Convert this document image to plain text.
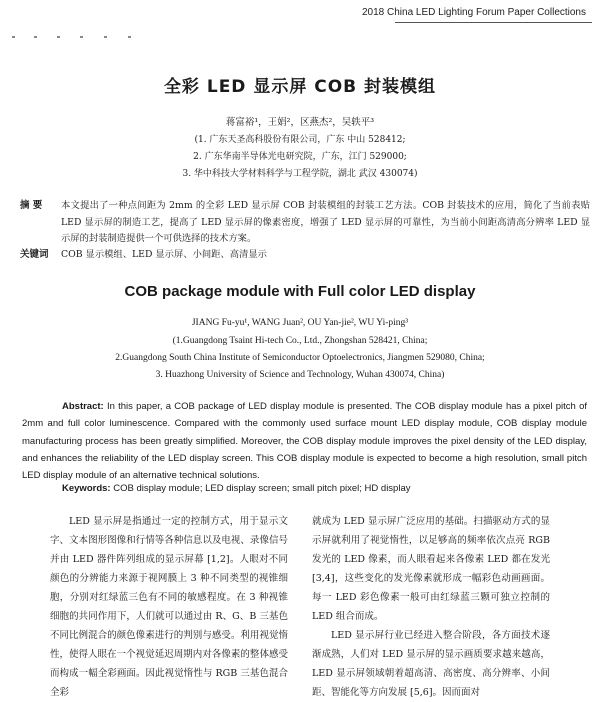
2018 China LED Lighting Forum Paper Collections
全彩 LED 显示屏 COB 封装模组
蒋富裕¹，王娟²，区燕杰²，吴轶平³
(1. 广东天圣高科股份有限公司，广东 中山 528412;
2. 广东华南半导体光电研究院，广东，江门 529000;
3. 华中科技大学材料科学与工程学院，湖北 武汉 430074)
摘 要 本文提出了一种点间距为 2mm 的全彩 LED 显示屏 COB 封装模组的封装工艺方法。COB 封装技术的应用，简化了当前表贴 LED 显示屏的制造工艺，提高了 LED 显示屏的像素密度，增强了 LED 显示屏的可靠性，为当前小间距高清高分辨率 LED 显示屏的封装制造提供一个可供选择的技术方案。
关键词 COB 显示模组、LED 显示屏、小间距、高清显示
COB package module with Full color LED display
JIANG Fu-yu¹, WANG Juan², OU Yan-jie², WU Yi-ping³
(1.Guangdong Tsaint Hi-tech Co., Ltd., Zhongshan 528421, China;
2.Guangdong South China Institute of Semiconductor Optoelectronics, Jiangmen 529080, China;
3. Huazhong University of Science and Technology, Wuhan 430074, China)
Abstract: In this paper, a COB package of LED display module is presented. The COB display module has a pixel pitch of 2mm and full color luminescence. Compared with the commonly used surface mount LED display module, COB display module manufacturing process has been greatly simplified. Moreover, the COB display module improves the pixel density of the LED display, and enhances the reliability of the LED display screen. This COB display module is expected to become a high resolution, small pitch LED display module of an alternative technical solutions.
Keywords: COB display module; LED display screen; small pitch pixel; HD display

LED 显示屏是指通过一定的控制方式，用于显示文字、文本图形图像和行情等各种信息以及电视、录像信号并由 LED 器件阵列组成的显示屏幕 [1,2]。人眼对不同颜色的分辨能力来源于视网膜上 3 种不同类型的视锥细胞，分别对红绿蓝三色有不同的敏感程度。在 3 种视锥细胞的共同作用下，人们就可以通过由 R、G、B 三基色不同比例混合的颜色像素进行的判别与感受。利用视觉惰性，使得人眼在一个视觉延迟周期内对各像素的整体感受而构成一幅全彩画面。因此视觉惰性与 RGB 三基色混合全彩

就成为 LED 显示屏广泛应用的基础。扫描驱动方式的显示屏就利用了视觉惰性，以足够高的频率依次点亮 RGB 发光的 LED 像素，而人眼看起来各像素 LED 都在发光 [3,4]，这些变化的发光像素就形成一幅彩色动画画面。每一 LED 彩色像素一般可由红绿蓝三颗可独立控制的 LED 组合而成。

LED 显示屏行业已经进入整合阶段，各方面技术逐渐成熟，人们对 LED 显示屏的显示画质要求越来越高，LED 显示屏领域朝着超高清、高密度、高分辨率、小间距、智能化等方向发展 [5,6]。因而面对
